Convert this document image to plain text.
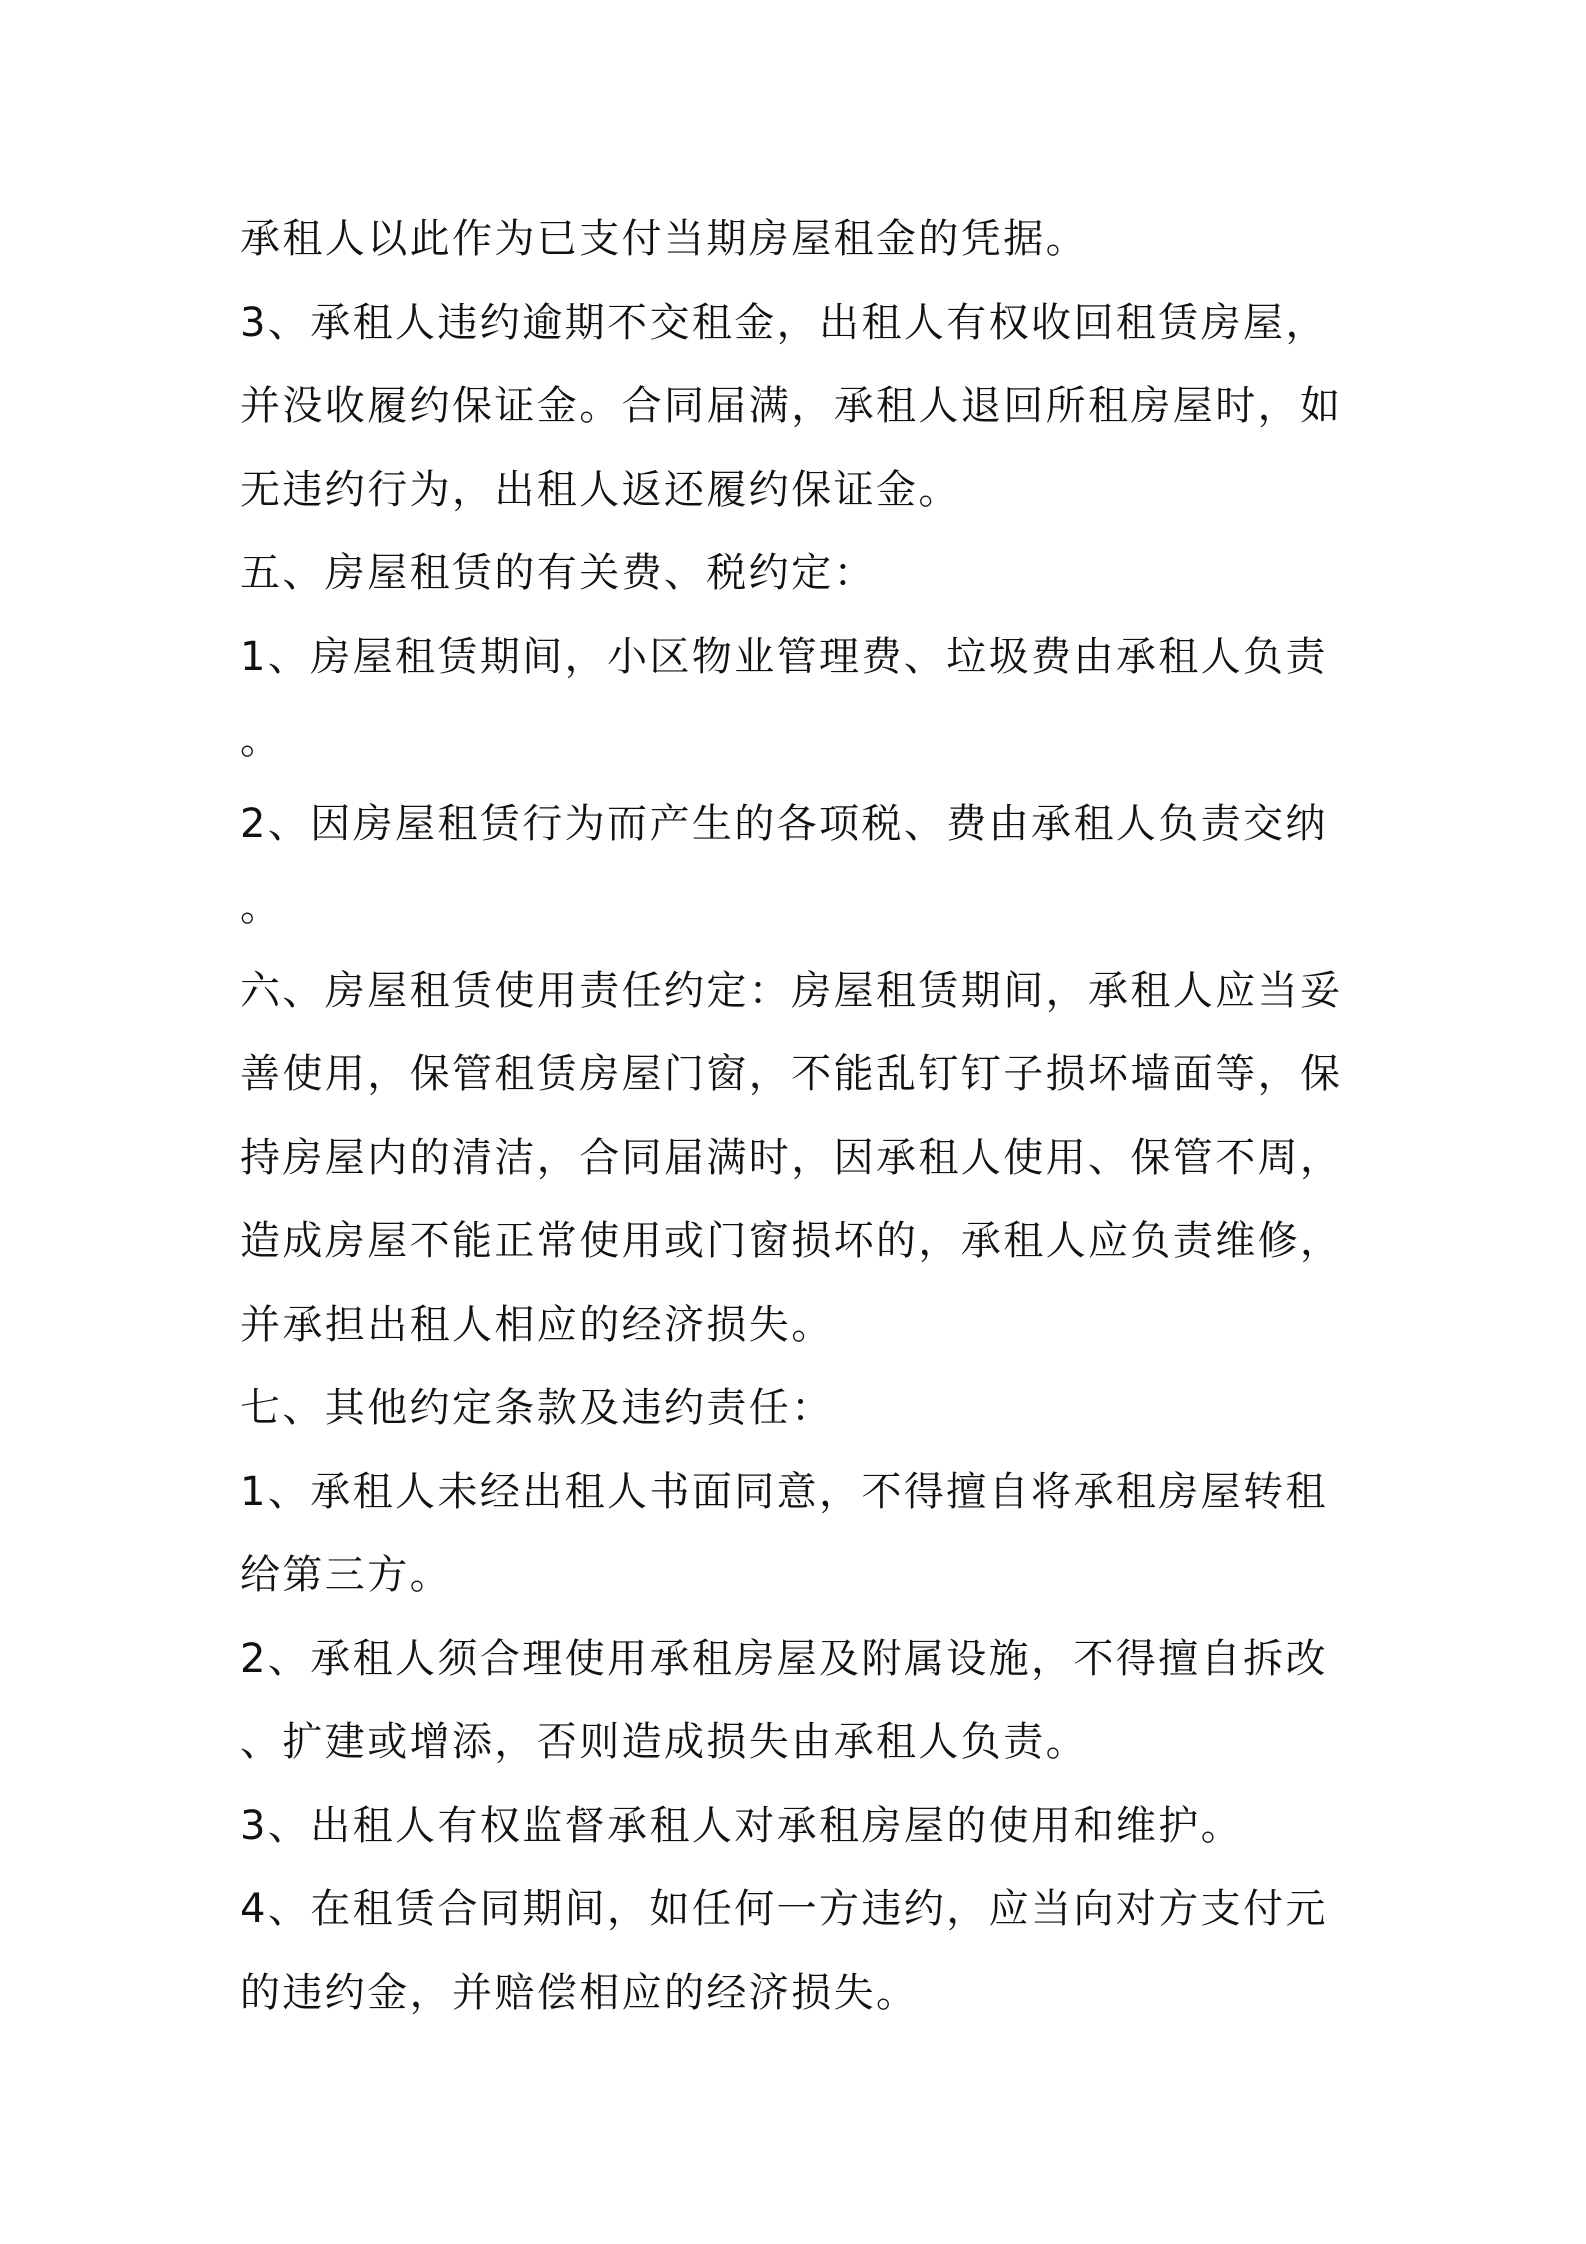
承租人以此作为已支付当期房屋租金的凭据。
3、承租人违约逾期不交租金，出租人有权收回租赁房屋，
并没收履约保证金。合同届满，承租人退回所租房屋时，如
无违约行为，出租人返还履约保证金。
五、房屋租赁的有关费、税约定：
1、房屋租赁期间，小区物业管理费、垃圾费由承租人负责
。
2、因房屋租赁行为而产生的各项税、费由承租人负责交纳
。
六、房屋租赁使用责任约定：房屋租赁期间，承租人应当妥
善使用，保管租赁房屋门窗，不能乱钉钉子损坏墙面等，保
持房屋内的清洁，合同届满时，因承租人使用、保管不周，
造成房屋不能正常使用或门窗损坏的，承租人应负责维修，
并承担出租人相应的经济损失。
七、其他约定条款及违约责任：
1、承租人未经出租人书面同意，不得擅自将承租房屋转租
给第三方。
2、承租人须合理使用承租房屋及附属设施，不得擅自拆改
、扩建或增添，否则造成损失由承租人负责。
3、出租人有权监督承租人对承租房屋的使用和维护。
4、在租赁合同期间，如任何一方违约，应当向对方支付元
的违约金，并赔偿相应的经济损失。
